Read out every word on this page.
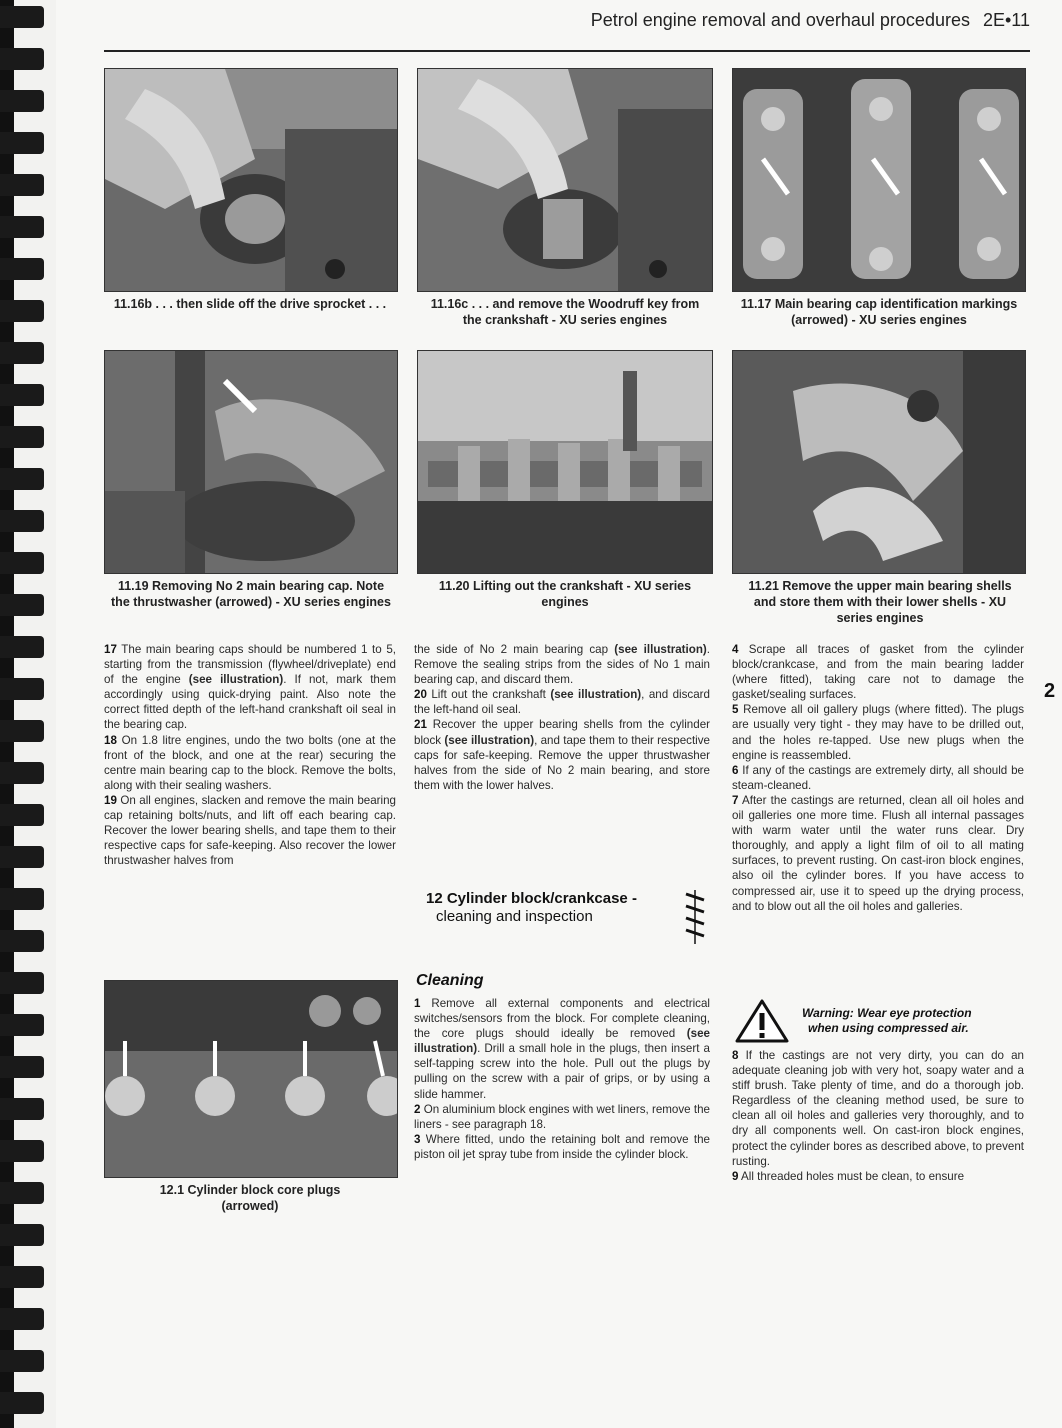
Petrol engine removal and overhaul procedures 2E•11
11.16b . . . then slide off the drive sprocket . . .	11.16c . . . and remove the Woodruff key from the crankshaft - XU series engines
11.17 Main bearing cap identification markings (arrowed) - XU series engines
11.19 Removing No 2 main bearing cap. Note the thrustwasher (arrowed) - XU series engines
11.20 Lifting out the crankshaft - XU series engines
11.21 Remove the upper main bearing shells and store them with their lower shells - XU series engines

17 The main bearing caps should be numbered 1 to 5, starting from the transmission (flywheel/driveplate) end of the engine (see illustration). If not, mark them accordingly using quick-drying paint. Also note the correct fitted depth of the left-hand crankshaft oil seal in the bearing cap.

18 On 1.8 litre engines, undo the two bolts (one at the front of the block, and one at the rear) securing the centre main bearing cap to the block. Remove the bolts, along with their sealing washers.

19 On all engines, slacken and remove the main bearing cap retaining bolts/nuts, and lift off each bearing cap. Recover the lower bearing shells, and tape them to their respective caps for safe-keeping. Also recover the lower thrustwasher halves from

12.1 Cylinder block core plugs (arrowed)

the side of No 2 main bearing cap (see illustration). Remove the sealing strips from the sides of No 1 main bearing cap, and discard them.

20 Lift out the crankshaft (see illustration), and discard the left-hand oil seal.

21 Recover the upper bearing shells from the cylinder block (see illustration), and tape them to their respective caps for safe-keeping. Remove the upper thrustwasher halves from the side of No 2 main bearing, and store them with the lower halves.

12 Cylinder block/crankcase -
cleaning and inspection
Cleaning

1 Remove all external components and electrical switches/sensors from the block. For complete cleaning, the core plugs should ideally be removed (see illustration). Drill a small hole in the plugs, then insert a self-tapping screw into the hole. Pull out the plugs by pulling on the screw with a pair of grips, or by using a slide hammer.

2 On aluminium block engines with wet liners, remove the liners - see paragraph 18.

3 Where fitted, undo the retaining bolt and remove the piston oil jet spray tube from inside the cylinder block.

4 Scrape all traces of gasket from the cylinder block/crankcase, and from the main bearing ladder (where fitted), taking care not to damage the gasket/sealing surfaces.

5 Remove all oil gallery plugs (where fitted). The plugs are usually very tight - they may have to be drilled out, and the holes re-tapped. Use new plugs when the engine is reassembled.

6 If any of the castings are extremely dirty, all should be steam-cleaned.

7 After the castings are returned, clean all oil holes and oil galleries one more time. Flush all internal passages with warm water until the water runs clear. Dry thoroughly, and apply a light film of oil to all mating surfaces, to prevent rusting. On cast-iron block engines, also oil the cylinder bores. If you have access to compressed air, use it to speed up the drying process, and to blow out all the oil holes and galleries.

Warning: Wear eye protection
when using compressed air.

8 If the castings are not very dirty, you can do an adequate cleaning job with very hot, soapy water and a stiff brush. Take plenty of time, and do a thorough job. Regardless of the cleaning method used, be sure to clean all oil holes and galleries very thoroughly, and to dry all components well. On cast-iron block engines, protect the cylinder bores as described above, to prevent rusting.

9 All threaded holes must be clean, to ensure

2
